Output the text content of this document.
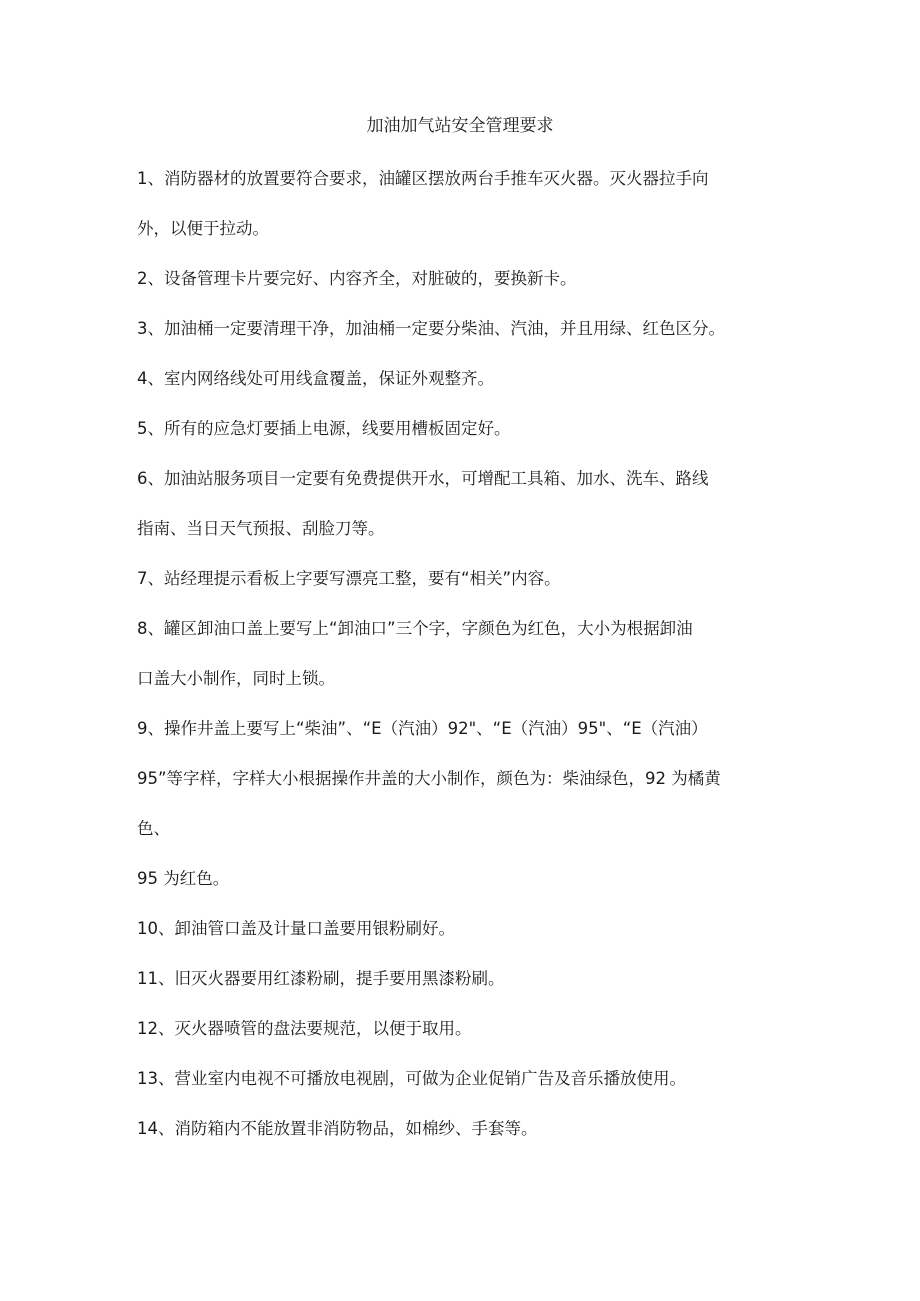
加油加气站安全管理要求
1、消防器材的放置要符合要求，油罐区摆放两台手推车灭火器。灭火器拉手向
外，以便于拉动。
2、设备管理卡片要完好、内容齐全，对脏破的，要换新卡。
3、加油桶一定要清理干净，加油桶一定要分柴油、汽油，并且用绿、红色区分。
4、室内网络线处可用线盒覆盖，保证外观整齐。
5、所有的应急灯要插上电源，线要用槽板固定好。
6、加油站服务项目一定要有免费提供开水，可增配工具箱、加水、洗车、路线
指南、当日天气预报、刮脸刀等。
7、站经理提示看板上字要写漂亮工整，要有“相关”内容。
8、罐区卸油口盖上要写上“卸油口”三个字，字颜色为红色，大小为根据卸油
口盖大小制作，同时上锁。
9、操作井盖上要写上“柴油”、“E（汽油）92"、“E（汽油）95"、“E（汽油）
95”等字样，字样大小根据操作井盖的大小制作，颜色为：柴油绿色，92 为橘黄
色、
95 为红色。
10、卸油管口盖及计量口盖要用银粉刷好。
11、旧灭火器要用红漆粉刷，提手要用黑漆粉刷。
12、灭火器喷管的盘法要规范，以便于取用。
13、营业室内电视不可播放电视剧，可做为企业促销广告及音乐播放使用。
14、消防箱内不能放置非消防物品，如棉纱、手套等。
